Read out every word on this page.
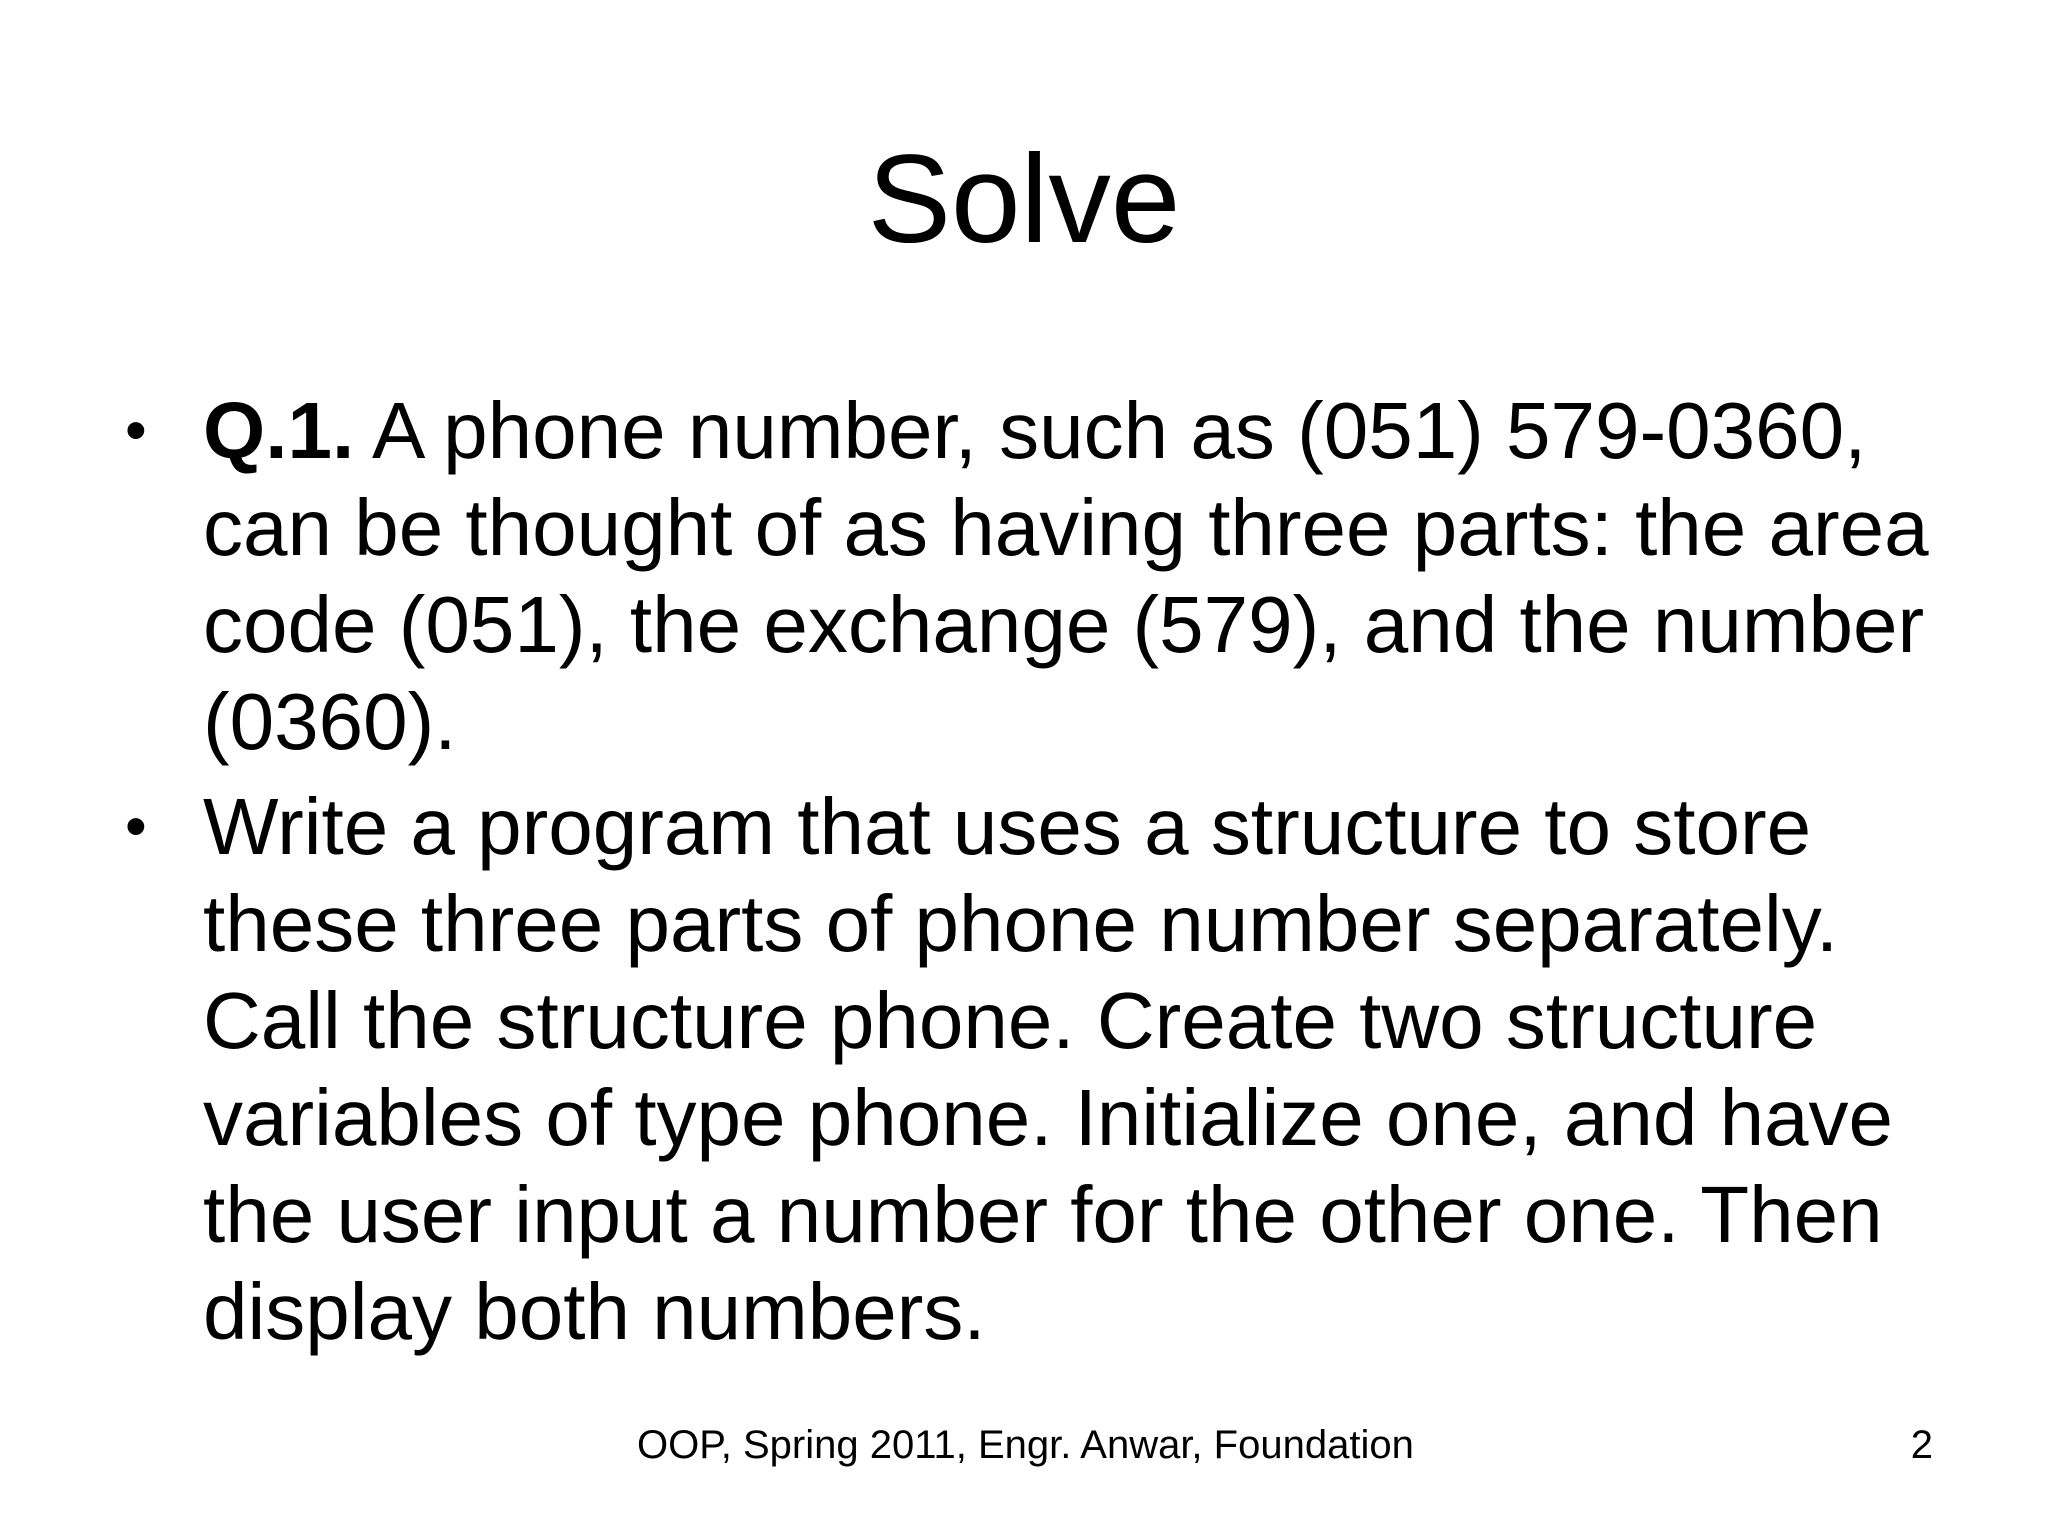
Solve
• Q.1. A phone number, such as (051) 579-0360, can be thought of as having three parts: the area code (051), the exchange (579), and the number (0360).
• Write a program that uses a structure to store these three parts of phone number separately. Call the structure phone. Create two structure variables of type phone. Initialize one, and have the user input a number for the other one. Then display both numbers.
OOP, Spring 2011, Engr. Anwar, Foundation	2
